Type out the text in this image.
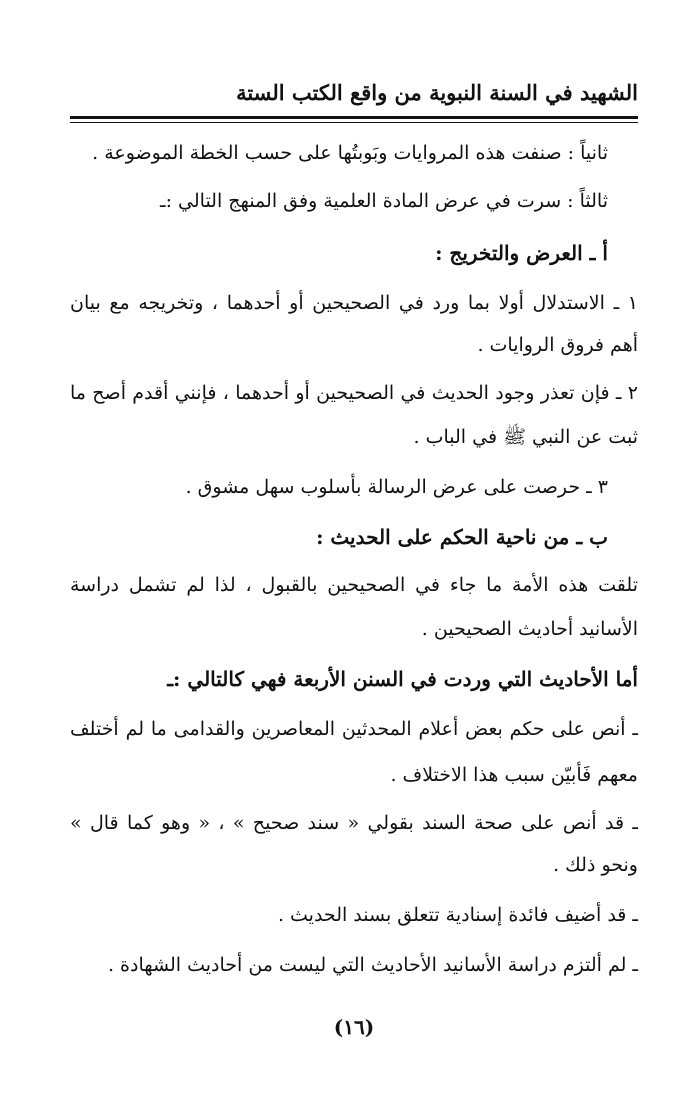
الشهيد في السنة النبوية من واقع الكتب الستة
ثانياً : صنفت هذه المروايات وبَوبتُها على حسب الخطة الموضوعة .
ثالثاً : سرت في عرض المادة العلمية وفق المنهج التالي :ـ
أ ـ العرض والتخريج :
١ ـ الاستدلال أولا بما ورد في الصحيحين أو أحدهما ، وتخريجه مع بيان
أهم فروق الروايات .
٢ ـ فإن تعذر وجود الحديث في الصحيحين أو أحدهما ، فإنني أقدم أصح ما
ثبت عن النبي ﷺ في الباب .
٣ ـ حرصت على عرض الرسالة بأسلوب سهل مشوق .
ب ـ من ناحية الحكم على الحديث :
تلقت هذه الأمة ما جاء في الصحيحين بالقبول ، لذا لم تشمل دراسة
الأسانيد أحاديث الصحيحين .
أما الأحاديث التي وردت في السنن الأربعة فهي كالتالي :ـ
ـ أنص على حكم بعض أعلام المحدثين المعاصرين والقدامى ما لم أختلف
معهم فَأبيّن سبب هذا الاختلاف .
ـ قد أنص على صحة السند بقولي « سند صحيح » ، « وهو كما قال »
ونحو ذلك .
ـ قد أضيف فائدة إسنادية تتعلق بسند الحديث .
ـ لم ألتزم دراسة الأسانيد الأحاديث التي ليست من أحاديث الشهادة .
(١٦)
